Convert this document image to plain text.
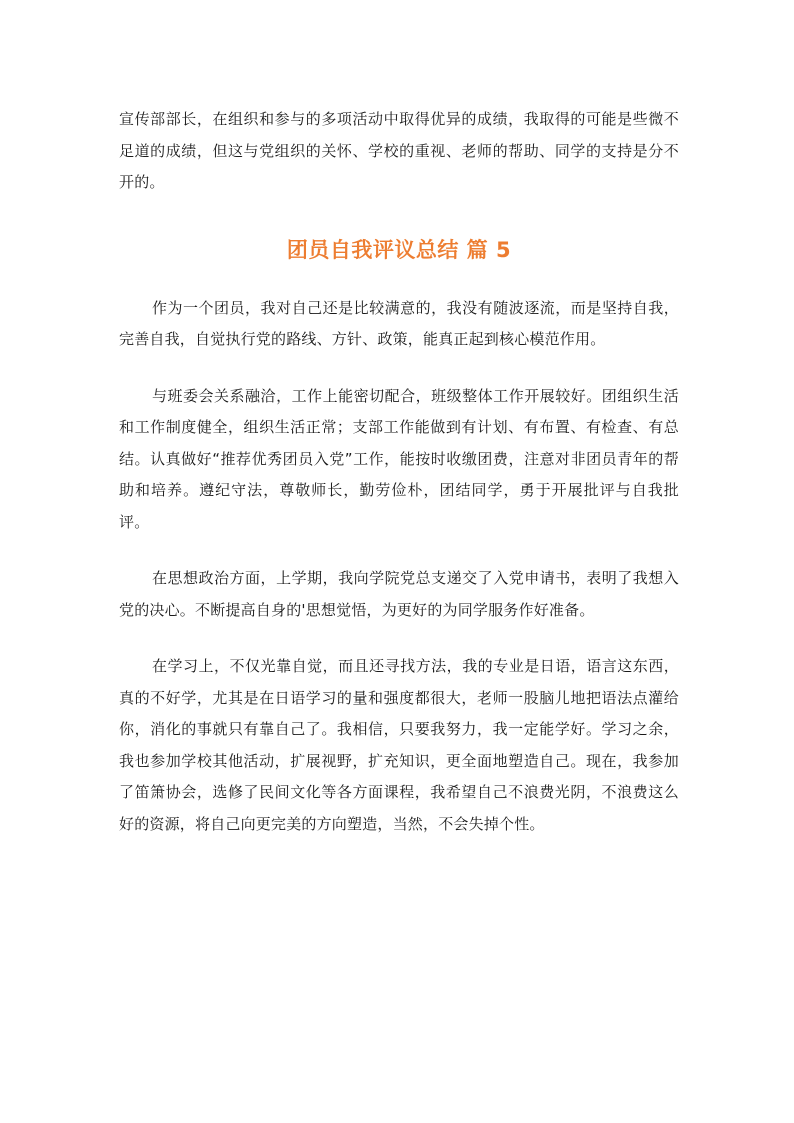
宣传部部长，在组织和参与的多项活动中取得优异的成绩，我取得的可能是些微不足道的成绩，但这与党组织的关怀、学校的重视、老师的帮助、同学的支持是分不开的。

团员自我评议总结 篇 5

作为一个团员，我对自己还是比较满意的，我没有随波逐流，而是坚持自我，完善自我，自觉执行党的路线、方针、政策，能真正起到核心模范作用。

与班委会关系融洽，工作上能密切配合，班级整体工作开展较好。团组织生活和工作制度健全，组织生活正常；支部工作能做到有计划、有布置、有检查、有总结。认真做好“推荐优秀团员入党”工作，能按时收缴团费，注意对非团员青年的帮助和培养。遵纪守法，尊敬师长，勤劳俭朴，团结同学，勇于开展批评与自我批评。

在思想政治方面，上学期，我向学院党总支递交了入党申请书，表明了我想入党的决心。不断提高自身的'思想觉悟，为更好的为同学服务作好准备。

在学习上，不仅光靠自觉，而且还寻找方法，我的专业是日语，语言这东西，真的不好学，尤其是在日语学习的量和强度都很大，老师一股脑儿地把语法点灌给你，消化的事就只有靠自己了。我相信，只要我努力，我一定能学好。学习之余，我也参加学校其他活动，扩展视野，扩充知识，更全面地塑造自己。现在，我参加了笛箫协会，选修了民间文化等各方面课程，我希望自己不浪费光阴，不浪费这么好的资源，将自己向更完美的方向塑造，当然，不会失掉个性。
